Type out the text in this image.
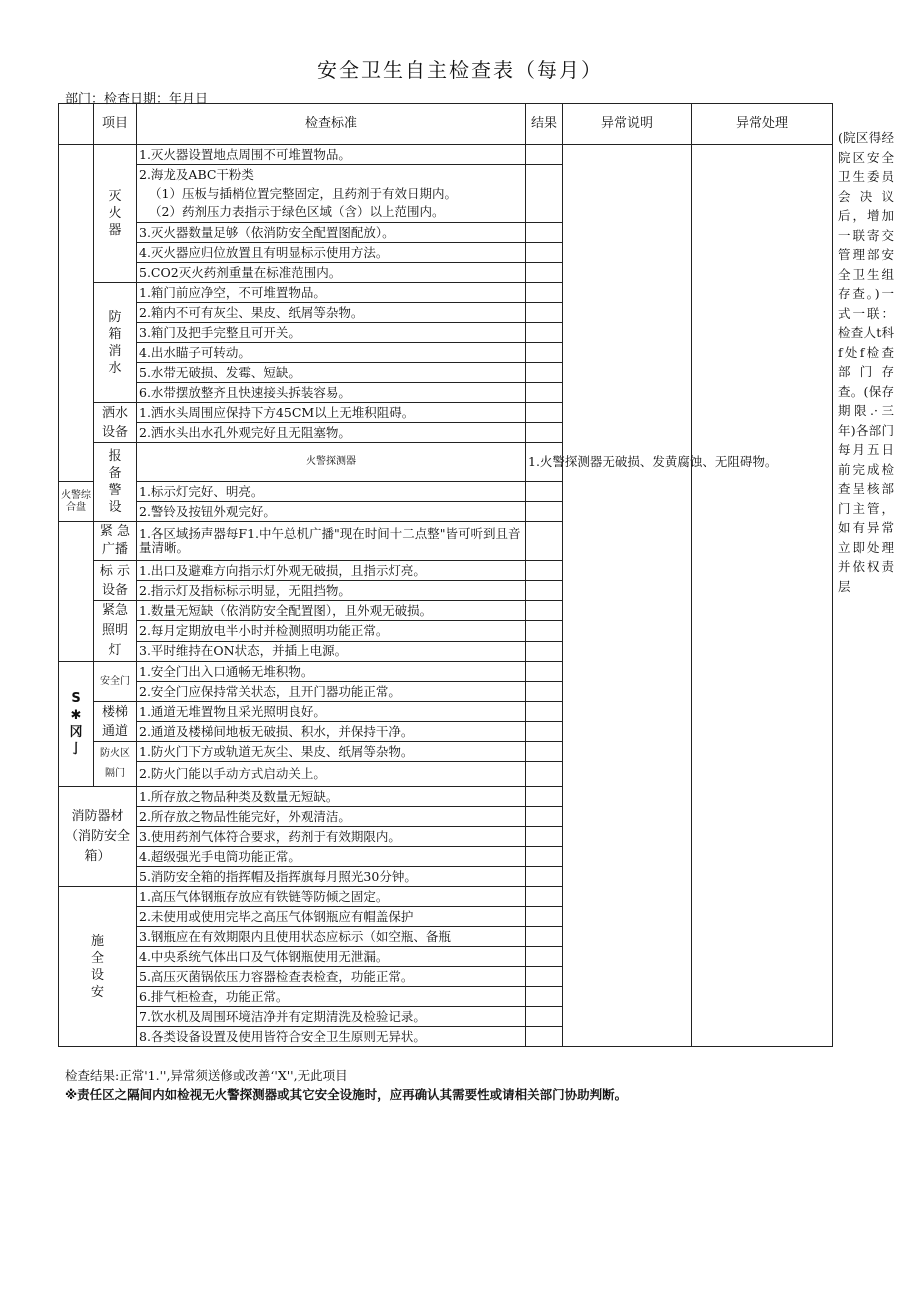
安全卫生自主检查表（每月）
部门：检查日期：年月日
	项目	检查标准	结果	异常说明	异常处理	
	灭火器	1.灭火器设置地点周围不可堆置物品。				

		2.海龙及ABC干粉类
（1）压板与插梢位置完整固定，且药剂于有效日期内。
（2）药剂压力表指示于绿色区域（含）以上范围内。				

		3.灭火器数量足够（依消防安全配置图配放）。				
		4.灭火器应归位放置且有明显标示使用方法。				
		5.CO2灭火药剂重量在标准范围内。				
	防箱消水	1.箱门前应净空，不可堆置物品。				
		2.箱内不可有灰尘、果皮、纸屑等杂物。				
		3.箱门及把手完整且可开关。				
		4.出水瞄子可转动。				
		5.水带无破损、发霉、短缺。				
		6.水带摆放整齐且快速接头拆装容易。				
	洒水设备	1.洒水头周围应保持下方45CM以上无堆积阻碍。				
		2.洒水头出水孔外观完好且无阻塞物。				
	报备警设	火警探测器	1.火警探测器无破损、发黄腐蚀、无阻碍物。			
火警综合盘		1.标示灯完好、明亮。				
		2.警铃及按钮外观完好。				
	紧 急广播	1.各区域扬声器每F1.中午总机广播"现在时间十二点整"皆可听到且音量清晰。				
	标 示设备	1.出口及避难方向指示灯外观无破损，且指示灯亮。				
		2.指示灯及指标标示明显，无阻挡物。				
	紧急照明灯	1.数量无短缺（依消防安全配置图），且外观无破损。				
		2.每月定期放电半小时并检测照明功能正常。				
		3.平时维持在ON状态，并插上电源。				
S✱冈亅	安全门	1.安全门出入口通畅无堆积物。				
		2.安全门应保持常关状态，且开门器功能正常。				
	楼梯通道	1.通道无堆置物且采光照明良好。				
		2.通道及楼梯间地板无破损、积水，并保持干净。				
	防火区隔门	1.防火门下方或轨道无灰尘、果皮、纸屑等杂物。				
		2.防火门能以手动方式启动关上。				
消防器材（消防安全箱）		1.所存放之物品种类及数量无短缺。				
		2.所存放之物品性能完好，外观清洁。				
		3.使用药剂气体符合要求，药剂于有效期限内。				
		4.超级强光手电筒功能正常。				
		5.消防安全箱的指挥帽及指挥旗每月照光30分钟。				
施全设安		1.高压气体钢瓶存放应有铁链等防倾之固定。				
		2.未使用或使用完毕之高压气体钢瓶应有帽盖保护				
		3.钢瓶应在有效期限内且使用状态应标示（如空瓶、备瓶				
		4.中央系统气体出口及气体钢瓶使用无泄漏。				
		5.高压灭菌锅依压力容器检查表检查，功能正常。				
		6.排气柜检查，功能正常。				
		7.饮水机及周围环境洁净并有定期清洗及检验记录。				
		8.各类设备设置及使用皆符合安全卫生原则无异状。				
(院区得经院区安全卫生委员会决议后，增加一联寄交管理部安全卫生组存查。)一式一联：检查人t科f处f检查部门存查。(保存期限.·三年)各部门每月五日前完成检查呈核部门主管，如有异常立即处理并依权责层
检查结果:正常'1.'',异常须送修或改善‘'X'',无此项目
※责任区之隔间内如检视无火警探测器或其它安全设施时，应再确认其需要性或请相关部门协助判断。
